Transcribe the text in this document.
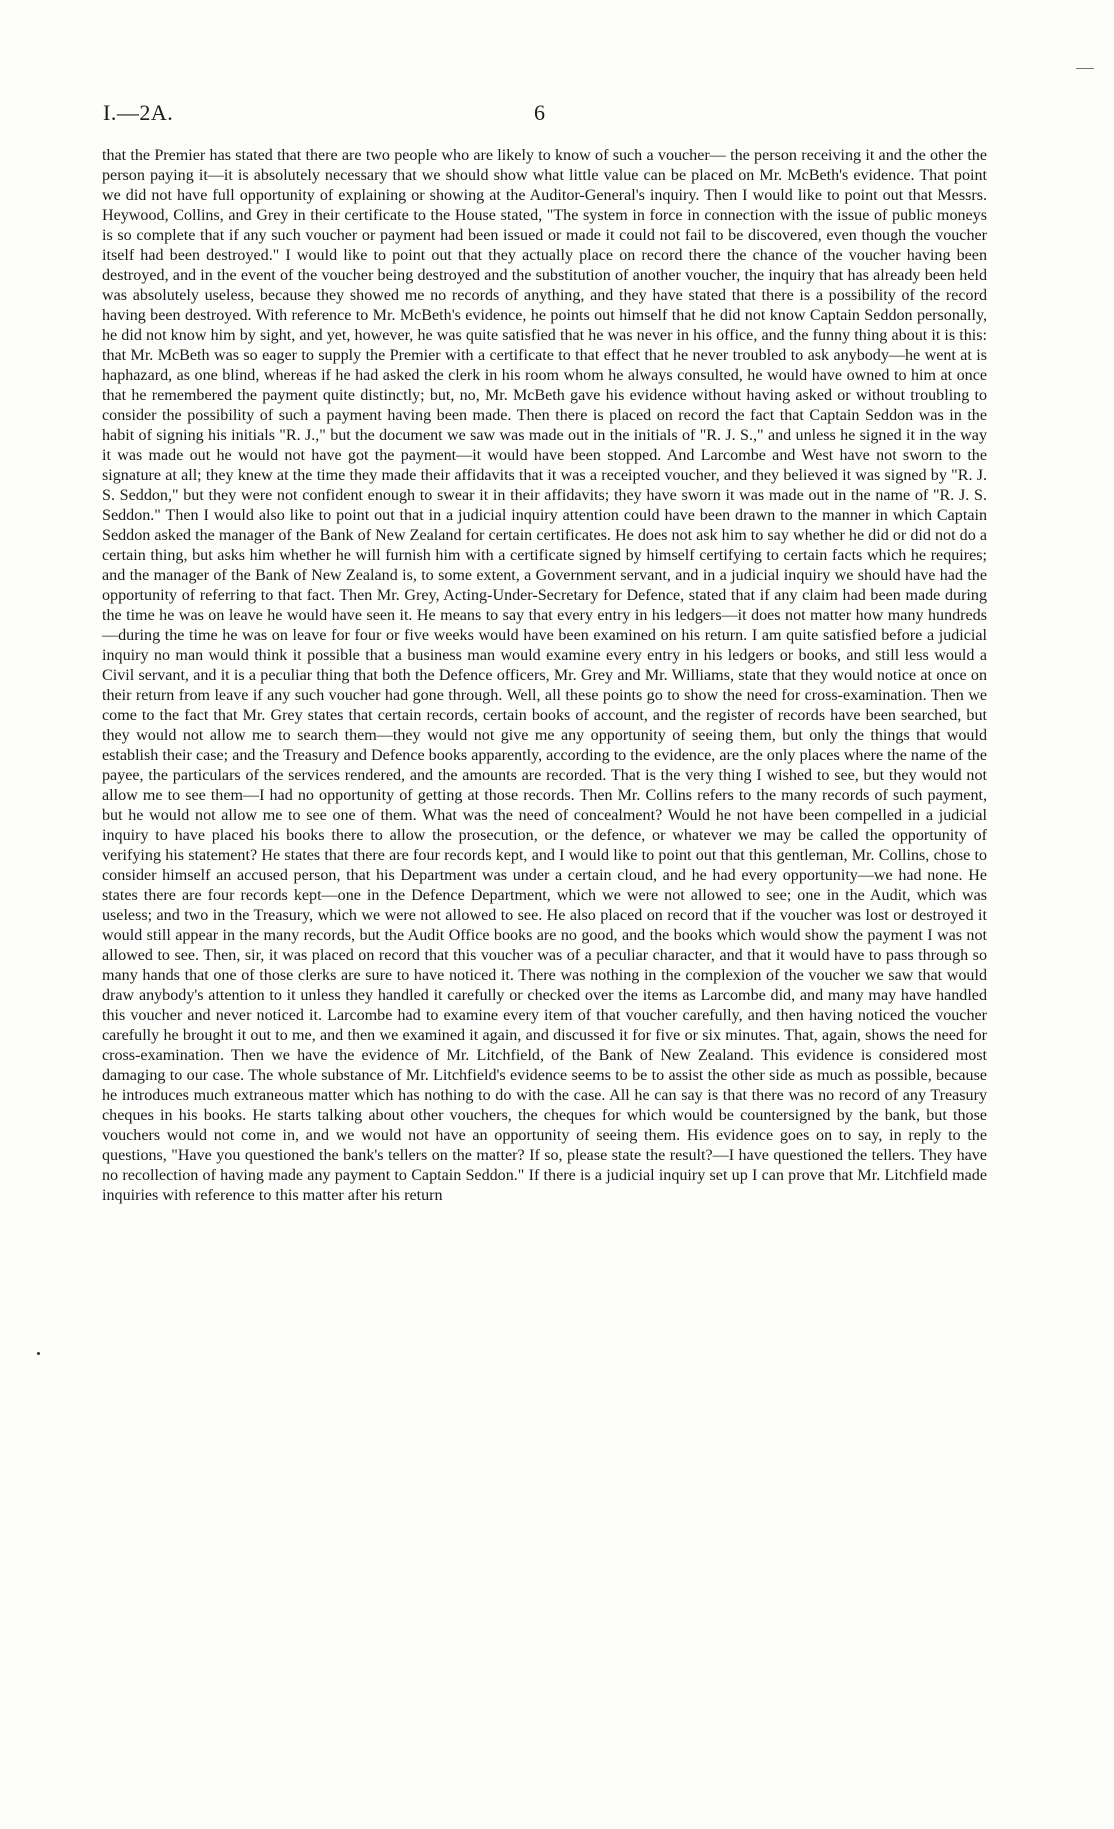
I.—2A.	6
that the Premier has stated that there are two people who are likely to know of such a voucher— the person receiving it and the other the person paying it—it is absolutely necessary that we should show what little value can be placed on Mr. McBeth's evidence. That point we did not have full opportunity of explaining or showing at the Auditor-General's inquiry. Then I would like to point out that Messrs. Heywood, Collins, and Grey in their certificate to the House stated, "The system in force in connection with the issue of public moneys is so complete that if any such voucher or payment had been issued or made it could not fail to be discovered, even though the voucher itself had been destroyed." I would like to point out that they actually place on record there the chance of the voucher having been destroyed, and in the event of the voucher being destroyed and the substitution of another voucher, the inquiry that has already been held was absolutely useless, because they showed me no records of anything, and they have stated that there is a possibility of the record having been destroyed. With reference to Mr. McBeth's evidence, he points out himself that he did not know Captain Seddon personally, he did not know him by sight, and yet, however, he was quite satisfied that he was never in his office, and the funny thing about it is this: that Mr. McBeth was so eager to supply the Premier with a certificate to that effect that he never troubled to ask anybody—he went at is haphazard, as one blind, whereas if he had asked the clerk in his room whom he always consulted, he would have owned to him at once that he remembered the payment quite distinctly; but, no, Mr. McBeth gave his evidence without having asked or without troubling to consider the possibility of such a payment having been made. Then there is placed on record the fact that Captain Seddon was in the habit of signing his initials "R. J.," but the document we saw was made out in the initials of "R. J. S.," and unless he signed it in the way it was made out he would not have got the payment—it would have been stopped. And Larcombe and West have not sworn to the signature at all; they knew at the time they made their affidavits that it was a receipted voucher, and they believed it was signed by "R. J. S. Seddon," but they were not confident enough to swear it in their affidavits; they have sworn it was made out in the name of "R. J. S. Seddon." Then I would also like to point out that in a judicial inquiry attention could have been drawn to the manner in which Captain Seddon asked the manager of the Bank of New Zealand for certain certificates. He does not ask him to say whether he did or did not do a certain thing, but asks him whether he will furnish him with a certificate signed by himself certifying to certain facts which he requires; and the manager of the Bank of New Zealand is, to some extent, a Government servant, and in a judicial inquiry we should have had the opportunity of referring to that fact. Then Mr. Grey, Acting-Under-Secretary for Defence, stated that if any claim had been made during the time he was on leave he would have seen it. He means to say that every entry in his ledgers—it does not matter how many hundreds—during the time he was on leave for four or five weeks would have been examined on his return. I am quite satisfied before a judicial inquiry no man would think it possible that a business man would examine every entry in his ledgers or books, and still less would a Civil servant, and it is a peculiar thing that both the Defence officers, Mr. Grey and Mr. Williams, state that they would notice at once on their return from leave if any such voucher had gone through. Well, all these points go to show the need for cross-examination. Then we come to the fact that Mr. Grey states that certain records, certain books of account, and the register of records have been searched, but they would not allow me to search them—they would not give me any opportunity of seeing them, but only the things that would establish their case; and the Treasury and Defence books apparently, according to the evidence, are the only places where the name of the payee, the particulars of the services rendered, and the amounts are recorded. That is the very thing I wished to see, but they would not allow me to see them—I had no opportunity of getting at those records. Then Mr. Collins refers to the many records of such payment, but he would not allow me to see one of them. What was the need of concealment? Would he not have been compelled in a judicial inquiry to have placed his books there to allow the prosecution, or the defence, or whatever we may be called the opportunity of verifying his statement? He states that there are four records kept, and I would like to point out that this gentleman, Mr. Collins, chose to consider himself an accused person, that his Department was under a certain cloud, and he had every opportunity—we had none. He states there are four records kept—one in the Defence Department, which we were not allowed to see; one in the Audit, which was useless; and two in the Treasury, which we were not allowed to see. He also placed on record that if the voucher was lost or destroyed it would still appear in the many records, but the Audit Office books are no good, and the books which would show the payment I was not allowed to see. Then, sir, it was placed on record that this voucher was of a peculiar character, and that it would have to pass through so many hands that one of those clerks are sure to have noticed it. There was nothing in the complexion of the voucher we saw that would draw anybody's attention to it unless they handled it carefully or checked over the items as Larcombe did, and many may have handled this voucher and never noticed it. Larcombe had to examine every item of that voucher carefully, and then having noticed the voucher carefully he brought it out to me, and then we examined it again, and discussed it for five or six minutes. That, again, shows the need for cross-examination. Then we have the evidence of Mr. Litchfield, of the Bank of New Zealand. This evidence is considered most damaging to our case. The whole substance of Mr. Litchfield's evidence seems to be to assist the other side as much as possible, because he introduces much extraneous matter which has nothing to do with the case. All he can say is that there was no record of any Treasury cheques in his books. He starts talking about other vouchers, the cheques for which would be countersigned by the bank, but those vouchers would not come in, and we would not have an opportunity of seeing them. His evidence goes on to say, in reply to the questions, "Have you questioned the bank's tellers on the matter? If so, please state the result?—I have questioned the tellers. They have no recollection of having made any payment to Captain Seddon." If there is a judicial inquiry set up I can prove that Mr. Litchfield made inquiries with reference to this matter after his return
